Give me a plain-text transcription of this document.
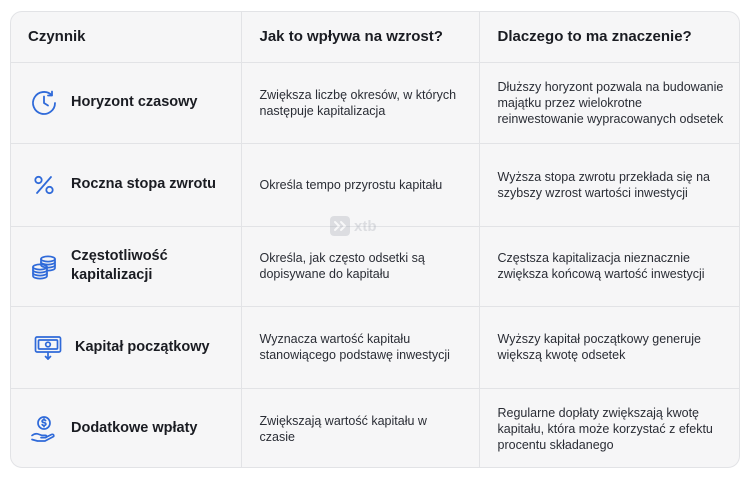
Czynnik	Jak to wpływa na wzrost?	Dlaczego to ma znaczenie?

Horyzont czasowy	Zwiększa liczbę okresów, w których następuje kapitalizacja	Dłuższy horyzont pozwala na budowanie majątku przez wielokrotne reinwestowanie wypracowanych odsetek

Roczna stopa zwrotu	Określa tempo przyrostu kapitału	Wyższa stopa zwrotu przekłada się na szybszy wzrost wartości inwestycji

Częstotliwość kapitalizacji	Określa, jak często odsetki są dopisywane do kapitału	Częstsza kapitalizacja nieznacznie zwiększa końcową wartość inwestycji

Kapitał początkowy	Wyznacza wartość kapitału stanowiącego podstawę inwestycji	Wyższy kapitał początkowy generuje większą kwotę odsetek

Dodatkowe wpłaty	Zwiększają wartość kapitału w czasie	Regularne dopłaty zwiększają kwotę kapitału, która może korzystać z efektu procentu składanego
xtb
